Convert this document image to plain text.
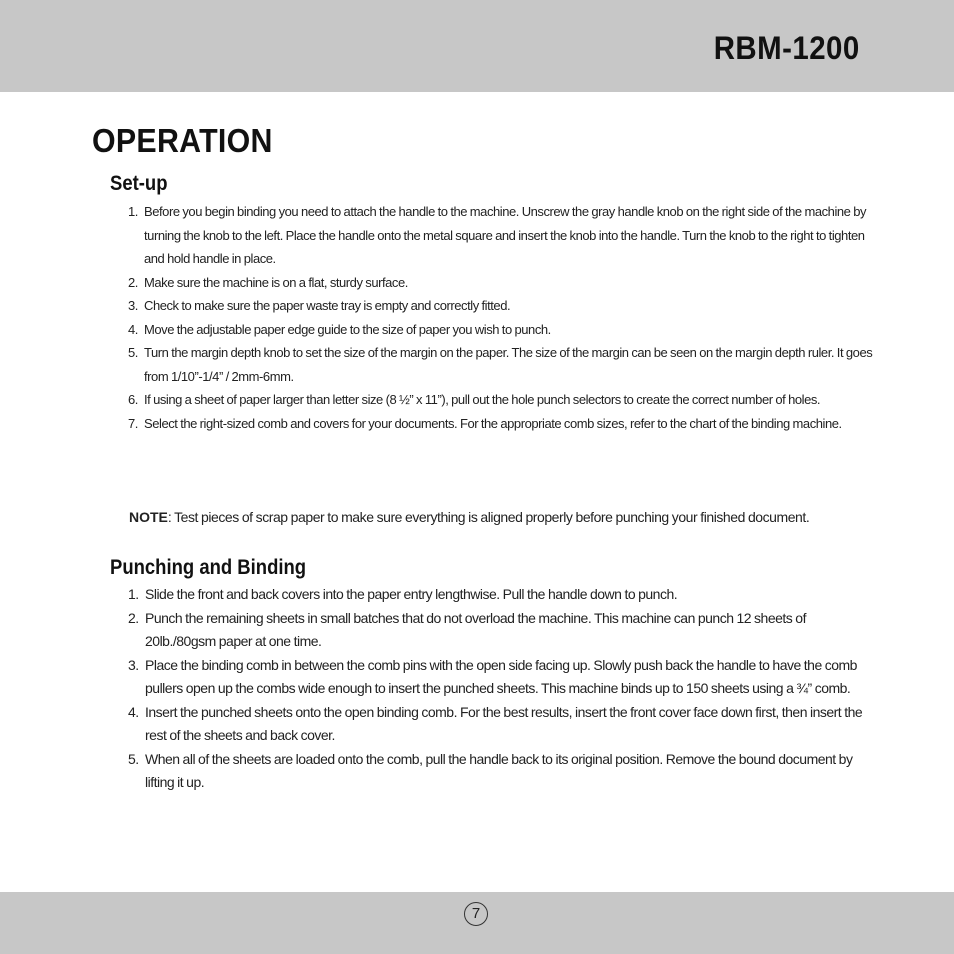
RBM-1200
OPERATION
Set-up
1. Before you begin binding you need to attach the handle to the machine. Unscrew the gray handle knob on the right side of the machine by turning the knob to the left. Place the handle onto the metal square and insert the knob into the handle. Turn the knob to the right to tighten and hold handle in place.
2. Make sure the machine is on a flat, sturdy surface.
3. Check to make sure the paper waste tray is empty and correctly fitted.
4. Move the adjustable paper edge guide to the size of paper you wish to punch.
5. Turn the margin depth knob to set the size of the margin on the paper. The size of the margin can be seen on the margin depth ruler. It goes from 1/10”-1/4” / 2mm-6mm.
6. If using a sheet of paper larger than letter size (8 ½” x 11”), pull out the hole punch selectors to create the correct number of holes.
7. Select the right-sized comb and covers for your documents. For the appropriate comb sizes, refer to the chart of the binding machine.
NOTE: Test pieces of scrap paper to make sure everything is aligned properly before punching your finished document.
Punching and Binding
1. Slide the front and back covers into the paper entry lengthwise. Pull the handle down to punch.
2. Punch the remaining sheets in small batches that do not overload the machine. This machine can punch 12 sheets of 20lb./80gsm paper at one time.
3. Place the binding comb in between the comb pins with the open side facing up. Slowly push back the handle to have the comb pullers open up the combs wide enough to insert the punched sheets. This machine binds up to 150 sheets using a ¾” comb.
4. Insert the punched sheets onto the open binding comb. For the best results, insert the front cover face down first, then insert the rest of the sheets and back cover.
5. When all of the sheets are loaded onto the comb, pull the handle back to its original position. Remove the bound document by lifting it up.
7
